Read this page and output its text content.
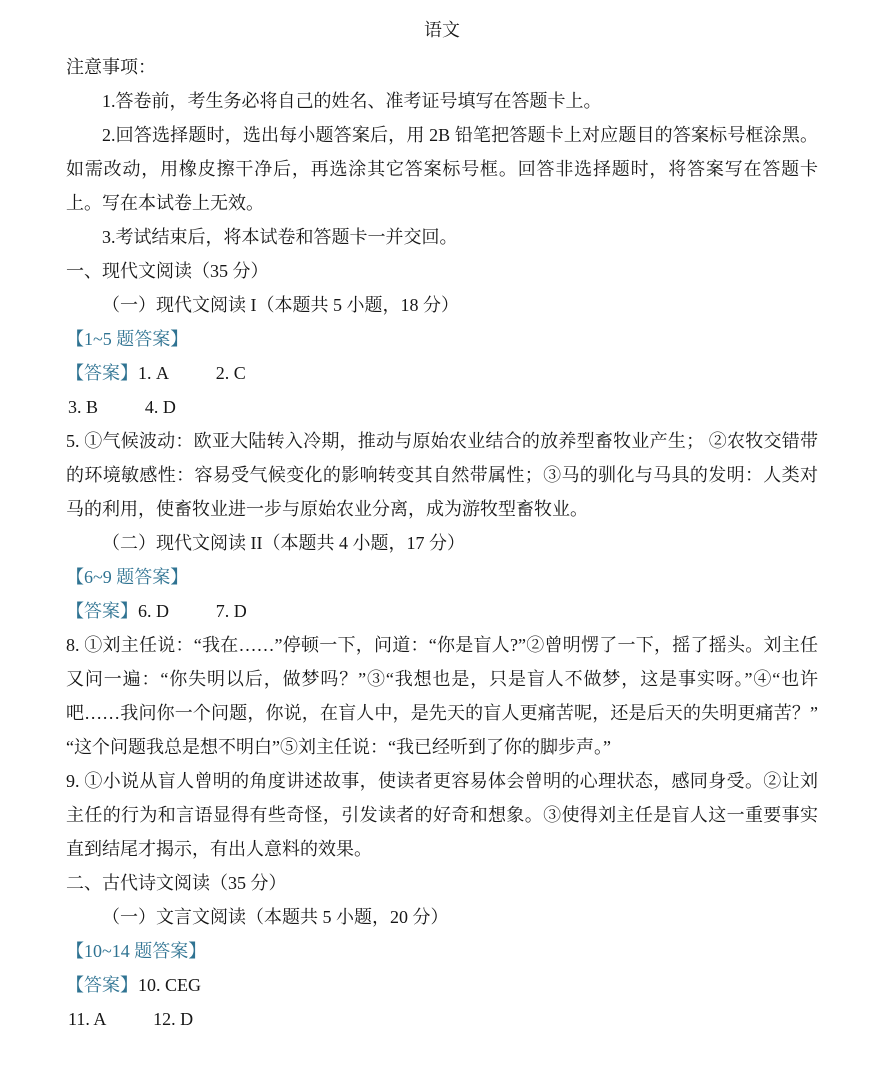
语文

注意事项：

1.答卷前，考生务必将自己的姓名、准考证号填写在答题卡上。

2.回答选择题时，选出每小题答案后，用 2B 铅笔把答题卡上对应题目的答案标号框涂黑。如需改动，用橡皮擦干净后，再选涂其它答案标号框。回答非选择题时，将答案写在答题卡上。写在本试卷上无效。

3.考试结束后，将本试卷和答题卡一并交回。

一、现代文阅读（35 分）
（一）现代文阅读 I（本题共 5 小题，18 分）

【1~5 题答案】

【答案】1. A	2. C

3. B	4. D

5. ①气候波动：欧亚大陆转入冷期，推动与原始农业结合的放养型畜牧业产生； ②农牧交错带的环境敏感性：容易受气候变化的影响转变其自然带属性；③马的驯化与马具的发明：人类对马的利用，使畜牧业进一步与原始农业分离，成为游牧型畜牧业。

（二）现代文阅读 II（本题共 4 小题，17 分）

【6~9 题答案】

【答案】6. D	7. D

8. ①刘主任说：“我在……”停顿一下，问道：“你是盲人?”②曾明愣了一下，摇了摇头。刘主任又问一遍：“你失明以后，做梦吗？”③“我想也是，只是盲人不做梦，这是事实呀。”④“也许吧……我问你一个问题，你说，在盲人中，是先天的盲人更痛苦呢，还是后天的失明更痛苦？”“这个问题我总是想不明白”⑤刘主任说：“我已经听到了你的脚步声。”

9. ①小说从盲人曾明的角度讲述故事，使读者更容易体会曾明的心理状态，感同身受。②让刘主任的行为和言语显得有些奇怪，引发读者的好奇和想象。③使得刘主任是盲人这一重要事实直到结尾才揭示，有出人意料的效果。

二、古代诗文阅读（35 分）
（一）文言文阅读（本题共 5 小题，20 分）

【10~14 题答案】

【答案】10. CEG

11. A	12. D
